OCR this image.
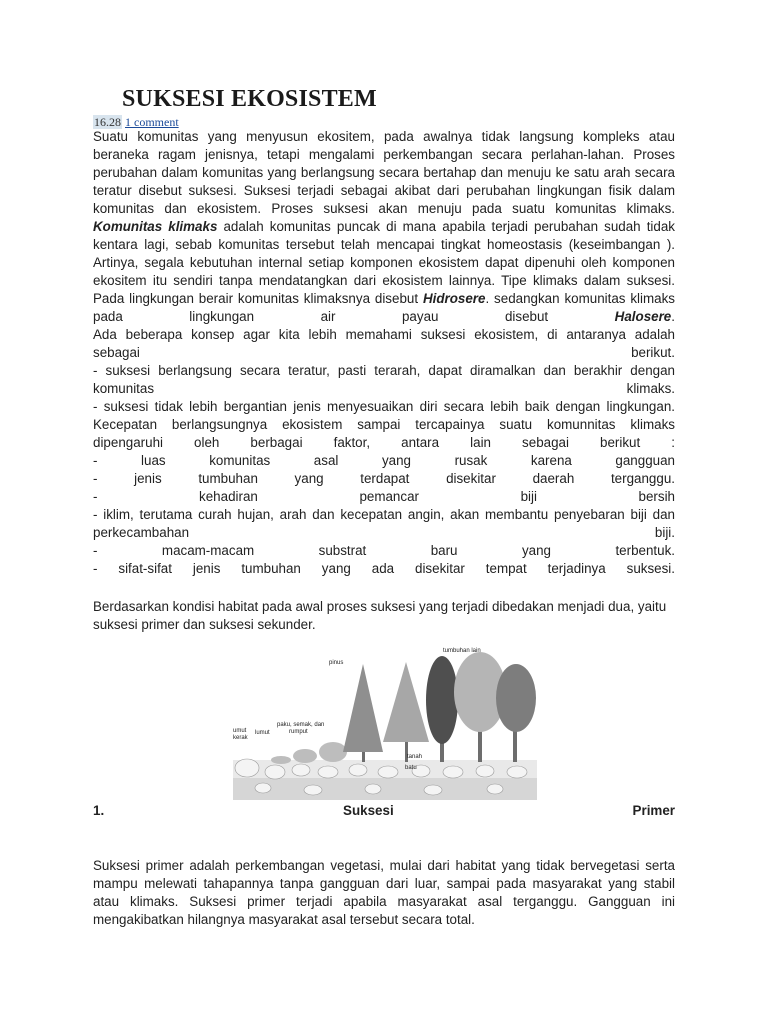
SUKSESI EKOSISTEM
16.28 1 comment
Suatu komunitas yang menyusun ekositem, pada awalnya tidak langsung kompleks atau
beraneka ragam jenisnya, tetapi mengalami perkembangan secara perlahan-lahan. Proses
perubahan dalam komunitas yang berlangsung secara bertahap dan menuju ke satu arah secara
teratur disebut suksesi. Suksesi terjadi sebagai akibat dari perubahan lingkungan fisik dalam
komunitas dan ekosistem. Proses suksesi akan menuju pada suatu komunitas klimaks.
Komunitas klimaks adalah komunitas puncak di mana apabila terjadi perubahan sudah tidak
kentara lagi, sebab komunitas tersebut telah mencapai tingkat homeostasis (keseimbangan ).
Artinya, segala kebutuhan internal setiap komponen ekosistem dapat dipenuhi oleh komponen
ekositem itu sendiri tanpa mendatangkan dari ekosistem lainnya. Tipe klimaks dalam suksesi.
Pada lingkungan berair komunitas klimaksnya disebut Hidrosere. sedangkan komunitas klimaks
pada lingkungan air payau disebut	Halosere.
Ada beberapa konsep agar kita lebih memahami suksesi ekosistem, di antaranya adalah
sebagai berikut.
- suksesi berlangsung secara teratur, pasti terarah, dapat diramalkan dan berakhir dengan
komunitas klimaks.
- suksesi tidak lebih bergantian jenis menyesuaikan diri secara lebih baik dengan lingkungan.
Kecepatan berlangsungnya ekosistem sampai tercapainya suatu komunnitas klimaks
dipengaruhi oleh berbagai faktor, antara lain sebagai berikut :
- luas komunitas asal yang rusak karena gangguan
- jenis tumbuhan yang terdapat disekitar daerah terganggu.
- kehadiran pemancar biji bersih
- iklim, terutama curah hujan, arah dan kecepatan angin, akan membantu penyebaran biji dan
perkecambahan biji.
- macam-macam substrat baru yang terbentuk.
- sifat-sifat jenis tumbuhan yang ada disekitar tempat terjadinya suksesi.
Berdasarkan kondisi habitat pada awal proses suksesi yang terjadi dibedakan menjadi dua, yaitu
suksesi primer dan suksesi sekunder.
pinus
tumbuhan lain
paku, semak, dan
rumput
lumut
umut
kerak
tanah
batu
1.	Suksesi	Primer
Suksesi primer adalah perkembangan vegetasi, mulai dari habitat yang tidak bervegetasi serta
mampu melewati tahapannya tanpa gangguan dari luar, sampai pada masyarakat yang stabil
atau klimaks. Suksesi primer terjadi apabila masyarakat asal terganggu. Gangguan ini
mengakibatkan hilangnya masyarakat asal tersebut secara total.
